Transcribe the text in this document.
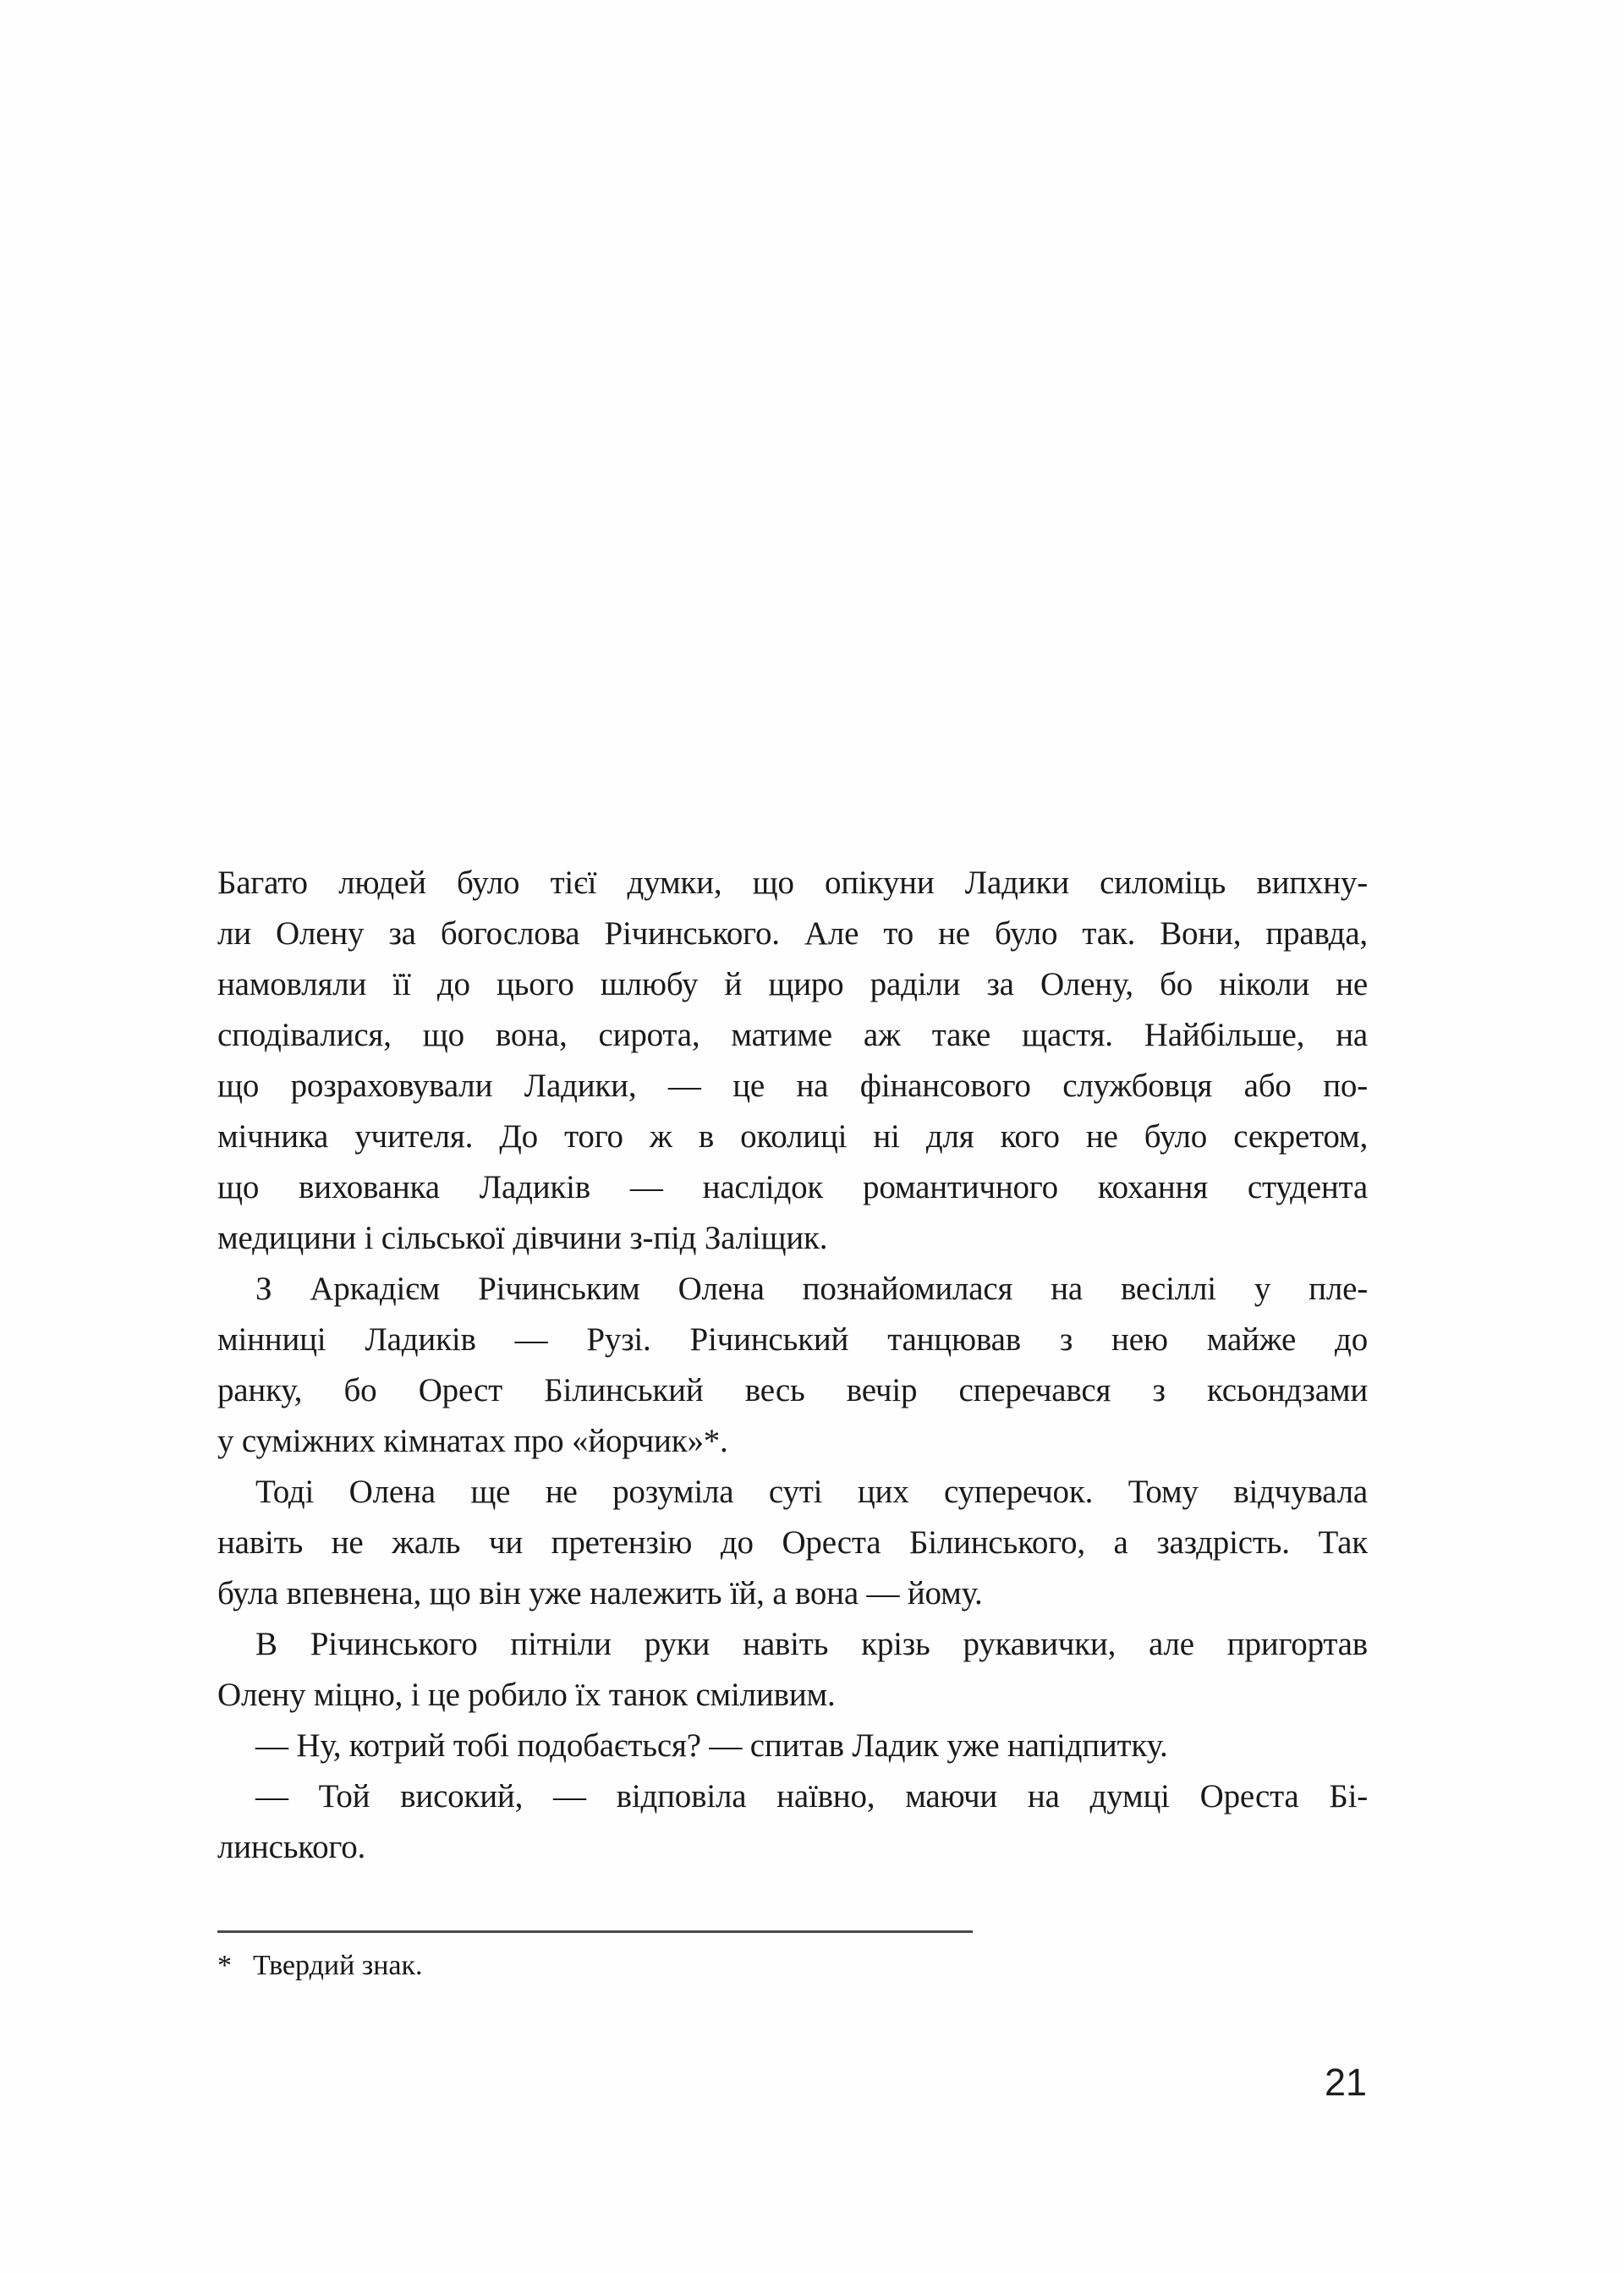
Багато людей було тієї думки, що опікуни Ладики силоміць випхну-
ли Олену за богослова Річинського. Але то не було так. Вони, правда,
намовляли її до цього шлюбу й щиро раділи за Олену, бо ніколи не
сподівалися, що вона, сирота, матиме аж таке щастя. Найбільше, на
що розраховували Ладики, — це на фінансового службовця або по-
мічника учителя. До того ж в околиці ні для кого не було секретом,
що вихованка Ладиків — наслідок романтичного кохання студента
медицини і сільської дівчини з-під Заліщик.
З Аркадієм Річинським Олена познайомилася на весіллі у пле-
мінниці Ладиків — Рузі. Річинський танцював з нею майже до
ранку, бо Орест Білинський весь вечір сперечався з ксьондзами
у суміжних кімнатах про «йорчик»*.
Тоді Олена ще не розуміла суті цих суперечок. Тому відчувала
навіть не жаль чи претензію до Ореста Білинського, а заздрість. Так
була впевнена, що він уже належить їй, а вона — йому.
В Річинського пітніли руки навіть крізь рукавички, але пригортав
Олену міцно, і це робило їх танок сміливим.
— Ну, котрий тобі подобається? — спитав Ладик уже напідпитку.
— Той високий, — відповіла наївно, маючи на думці Ореста Бі-
линського.
* Твердий знак.
21
